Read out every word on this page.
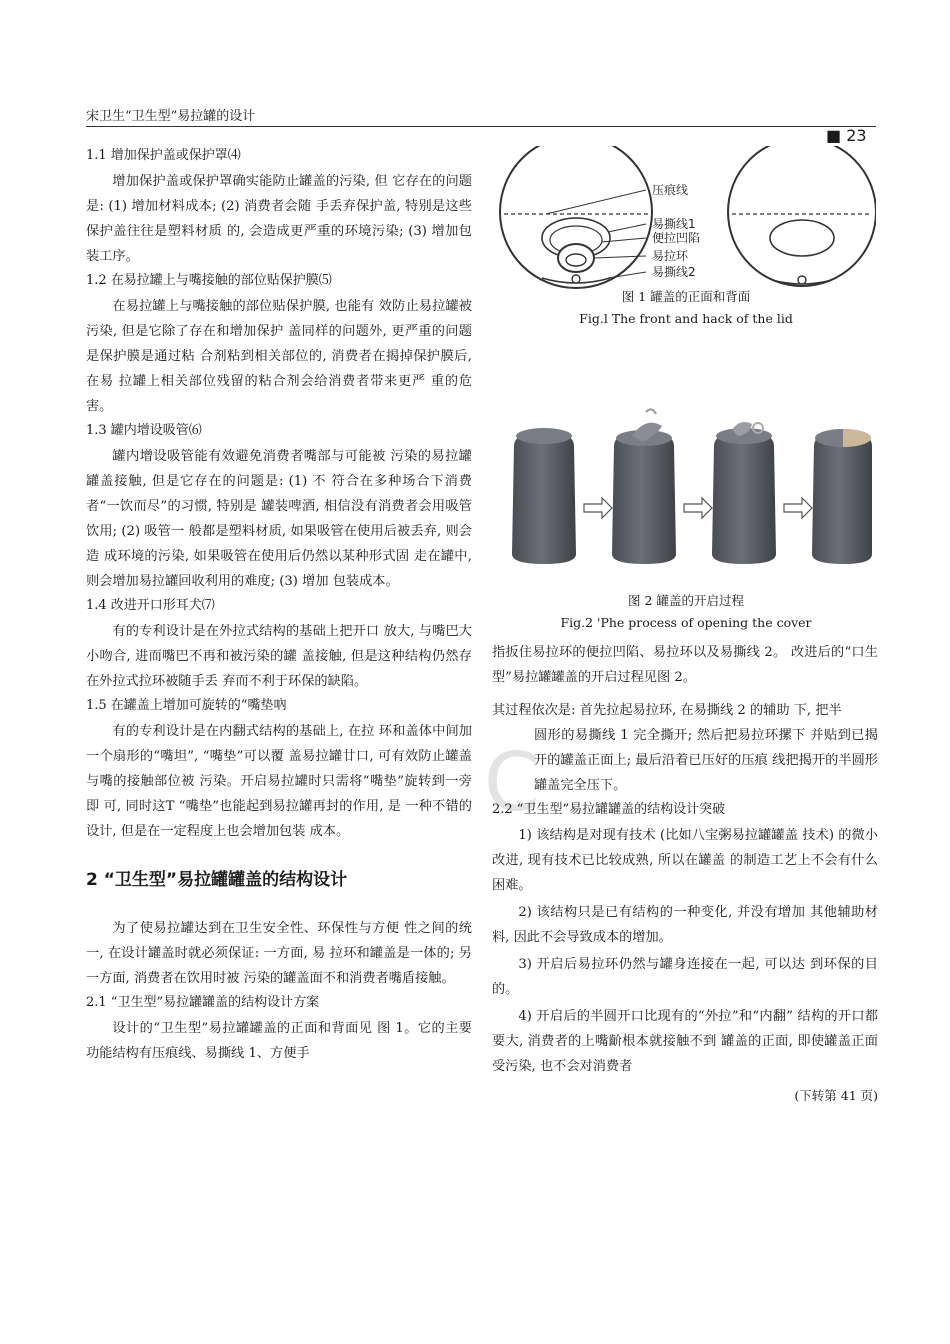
宋卫生“卫生型”易拉罐的设计
■ 23

1.1 增加保护盖或保护罩⑷

增加保护盖或保护罩确实能防止罐盖的污染, 但 它存在的问题是: (1) 增加材料成本; (2) 消费者会随 手丢弃保护盖, 特别是这些保护盖往往是塑料材质 的, 会造成更严重的环境污染; (3) 增加包装工序。

1.2 在易拉罐上与嘴接触的部位贴保护膜⑸

在易拉罐上与嘴接触的部位贴保护膜, 也能有 效防止易拉罐被污染, 但是它除了存在和增加保护 盖同样的问题外, 更严重的问题是保护膜是通过粘 合剂粘到相关部位的, 消费者在揭掉保护膜后, 在易 拉罐上相关部位残留的粘合剂会给消费者带来更严 重的危害。

1.3 罐内增设吸管⑹

罐内增设吸管能有效避免消费者嘴部与可能被 污染的易拉罐罐盖接触, 但是它存在的问题是: (1) 不 符合在多种场合下消费者“一饮而尽”的习惯, 特别是 罐装啤酒, 相信没有消费者会用吸管饮用; (2) 吸管一 般都是塑料材质, 如果吸管在使用后被丢弃, 则会造 成环境的污染, 如果吸管在使用后仍然以某种形式固 走在罐中, 则会增加易拉罐回收利用的难度; (3) 增加 包装成本。

1.4 改进开口形耳犬⑺

有的专利设计是在外拉式结构的基础上把开口 放大, 与嘴巴大小吻合, 进而嘴巴不再和被污染的罐 盖接触, 但是这种结构仍然存在外拉式拉环被随手丢 弃而不利于环保的缺陷。

1.5 在罐盖上增加可旋转的“嘴垫吶

有的专利设计是在内翻式结构的基础上, 在拉 环和盖体中间加一个扇形的“嘴坦”, “嘴垫”可以覆 盖易拉罐廿口, 可有效防止罐盖与嘴的接触部位被 污染。开启易拉罐时只需将“嘴垫”旋转到一旁即 可, 同时这T “嘴垫”也能起到易拉罐再封的作用, 是 一种不错的设计, 但是在一定程度上也会增加包装 成本。

2 “卫生型”易拉罐罐盖的结构设计

为了使易拉罐达到在卫生安全性、环保性与方便 性之间的统一, 在设计罐盖时就必须保证: 一方面, 易 拉环和罐盖是一体的; 另一方面, 消费者在饮用时被 污染的罐盖面不和消费者嘴盾接触。

2.1 “卫生型”易拉罐罐盖的结构设计方案

设计的“卫生型”易拉罐罐盖的正面和背面见 图 1。它的主要功能结构有压痕线、易撕线 1、方便手

压痕线
易撕线1
便拉凹陷
易拉环
易撕线2
图 1 罐盖的正面和背面
Fig.l The front and hack of the lid
图 2 罐盖的开启过程
Fig.2 'Phe process of opening the cover
C

指扳住易拉环的便拉凹陷、易拉环以及易撕线 2。 改进后的“口生型”易拉罐罐盖的开启过程见图 2。

其过程依次是: 首先拉起易拉环, 在易撕线 2 的辅助 下, 把半

圆形的易撕线 1 完全撕开; 然后把易拉环摞下 并贴到已揭开的罐盖正面上; 最后沿着已压好的压痕 线把揭开的半圆形罐盖完全压下。

2.2 “卫生型”易拉罐罐盖的结构设计突破

1) 该结构是对现有技术 (比如八宝粥易拉罐罐盖 技术) 的微小改进, 现有技术已比较成熟, 所以在罐盖 的制造工艺上不会有什么困难。

2) 该结构只是已有结构的一种变化, 并没有增加 其他辅助材料, 因此不会导致成本的增加。

3) 开启后易拉环仍然与罐身连接在一起, 可以达 到环保的目的。

4) 开启后的半圆开口比现有的“外拉”和“内翻” 结构的开口都要大, 消费者的上嘴齘根本就接触不到 罐盖的正面, 即使罐盖正面受污染, 也不会对消费者

(下转第 41 页)
